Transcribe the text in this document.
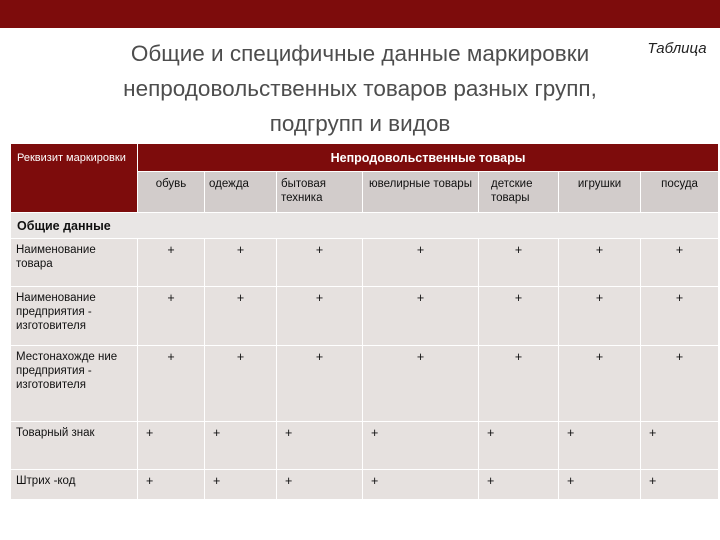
Таблица
Общие и специфичные данные маркировки
непродовольственных товаров разных групп,
подгрупп и видов
Реквизит маркировки	Непродовольственные товары						
	обувь	одежда	бытовая техника	ювелирные товары	детские товары	игрушки	посуда
Общие данные							
Наименование товара	+	+	+	+	+	+	+
Наименование предприятия - изготовителя	+	+	+	+	+	+	+
Местонахожде ние предприятия - изготовителя	+	+	+	+	+	+	+
Товарный знак	+	+	+	+	+	+	+
Штрих -код	+	+	+	+	+	+	+
